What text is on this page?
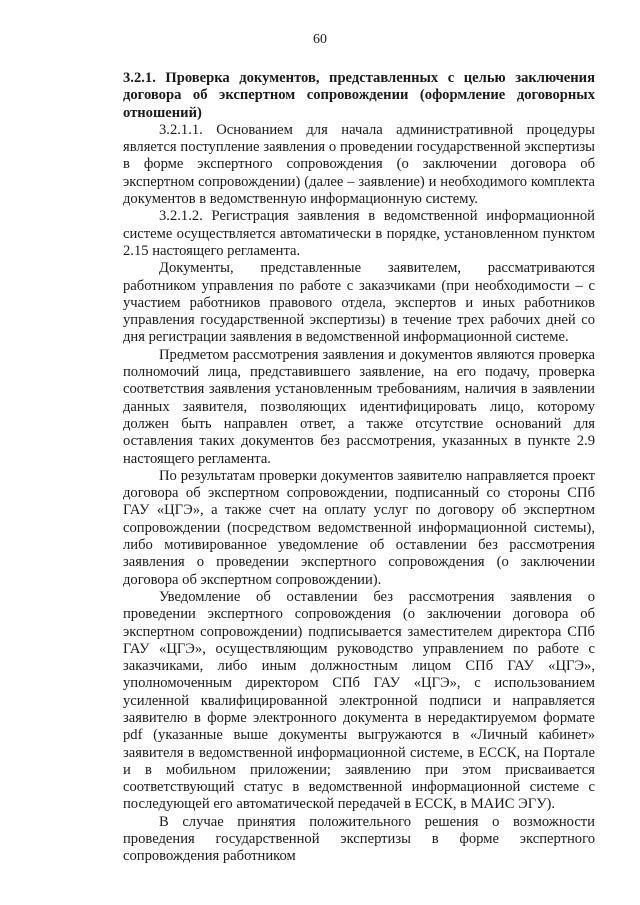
60

3.2.1. Проверка документов, представленных с целью заключения договора об экспертном сопровождении (оформление договорных отношений)

3.2.1.1. Основанием для начала административной процедуры является поступление заявления о проведении государственной экспертизы в форме экспертного сопровождения (о заключении договора об экспертном сопровождении) (далее – заявление) и необходимого комплекта документов в ведомственную информационную систему.

3.2.1.2. Регистрация заявления в ведомственной информационной системе осуществляется автоматически в порядке, установленном пунктом 2.15 настоящего регламента.

Документы, представленные заявителем, рассматриваются работником управления по работе с заказчиками (при необходимости – с участием работников правового отдела, экспертов и иных работников управления государственной экспертизы) в течение трех рабочих дней со дня регистрации заявления в ведомственной информационной системе.

Предметом рассмотрения заявления и документов являются проверка полномочий лица, представившего заявление, на его подачу, проверка соответствия заявления установленным требованиям, наличия в заявлении данных заявителя, позволяющих идентифицировать лицо, которому должен быть направлен ответ, а также отсутствие оснований для оставления таких документов без рассмотрения, указанных в пункте 2.9 настоящего регламента.

По результатам проверки документов заявителю направляется проект договора об экспертном сопровождении, подписанный со стороны СПб ГАУ «ЦГЭ», а также счет на оплату услуг по договору об экспертном сопровождении (посредством ведомственной информационной системы), либо мотивированное уведомление об оставлении без рассмотрения заявления о проведении экспертного сопровождения (о заключении договора об экспертном сопровождении).

Уведомление об оставлении без рассмотрения заявления о проведении экспертного сопровождения (о заключении договора об экспертном сопровождении) подписывается заместителем директора СПб ГАУ «ЦГЭ», осуществляющим руководство управлением по работе с заказчиками, либо иным должностным лицом СПб ГАУ «ЦГЭ», уполномоченным директором СПб ГАУ «ЦГЭ», с использованием усиленной квалифицированной электронной подписи и направляется заявителю в форме электронного документа в нередактируемом формате pdf (указанные выше документы выгружаются в «Личный кабинет» заявителя в ведомственной информационной системе, в ЕССК, на Портале и в мобильном приложении; заявлению при этом присваивается соответствующий статус в ведомственной информационной системе с последующей его автоматической передачей в ЕССК, в МАИС ЭГУ).

В случае принятия положительного решения о возможности проведения государственной экспертизы в форме экспертного сопровождения работником
